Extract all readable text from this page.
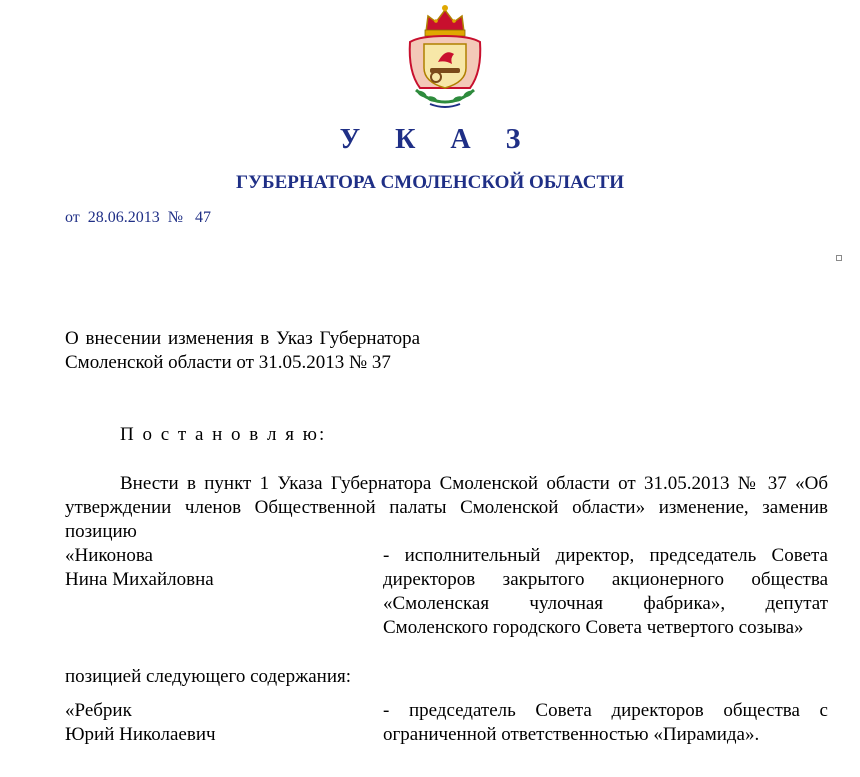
У К А З
ГУБЕРНАТОРА СМОЛЕНСКОЙ ОБЛАСТИ
от  28.06.2013  №   47
О внесении изменения в Указ Губернатора Смоленской области от 31.05.2013 № 37
П о с т а н о в л я ю:
Внести в пункт 1 Указа Губернатора Смоленской области от 31.05.2013 № 37 «Об утверждении членов Общественной палаты Смоленской области» изменение, заменив позицию
«Никонова
Нина Михайловна
- исполнительный директор, председатель Совета директоров закрытого акционерного общества «Смоленская чулочная фабрика», депутат Смоленского городского Совета четвертого созыва»
позицией следующего содержания:
«Ребрик
Юрий Николаевич
- председатель Совета директоров общества с ограниченной ответственностью «Пирамида».
